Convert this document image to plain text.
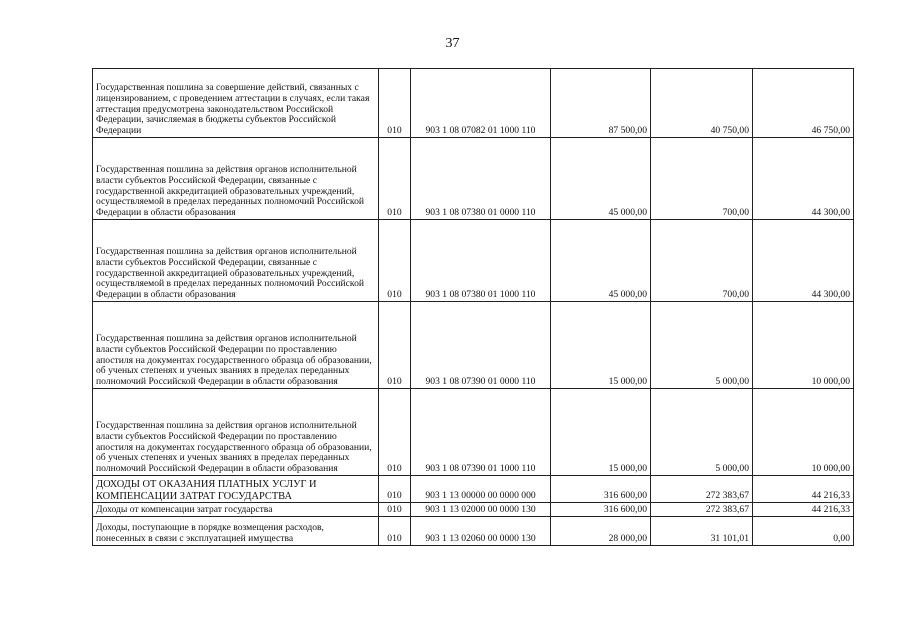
37
Государственная пошлина за совершение действий, связанных с лицензированием, с проведением аттестации в случаях, если такая аттестация предусмотрена законодательством Российской Федерации, зачисляемая в бюджеты субъектов Российской Федерации	010	903 1 08 07082 01 1000 110	87 500,00	40 750,00	46 750,00
Государственная пошлина за действия органов исполнительной власти субъектов Российской Федерации, связанные с государственной аккредитацией образовательных учреждений, осуществляемой в пределах переданных полномочий Российской Федерации в области образования	010	903 1 08 07380 01 0000 110	45 000,00	700,00	44 300,00
Государственная пошлина за действия органов исполнительной власти субъектов Российской Федерации, связанные с государственной аккредитацией образовательных учреждений, осуществляемой в пределах переданных полномочий Российской Федерации в области образования	010	903 1 08 07380 01 1000 110	45 000,00	700,00	44 300,00
Государственная пошлина за действия органов исполнительной власти субъектов Российской Федерации по проставлению апостиля на документах государственного образца об образовании, об ученых степенях и ученых званиях в пределах переданных полномочий Российской Федерации в области образования	010	903 1 08 07390 01 0000 110	15 000,00	5 000,00	10 000,00
Государственная пошлина за действия органов исполнительной власти субъектов Российской Федерации по проставлению апостиля на документах государственного образца об образовании, об ученых степенях и ученых званиях в пределах переданных полномочий Российской Федерации в области образования	010	903 1 08 07390 01 1000 110	15 000,00	5 000,00	10 000,00
ДОХОДЫ ОТ ОКАЗАНИЯ ПЛАТНЫХ УСЛУГ И КОМПЕНСАЦИИ ЗАТРАТ ГОСУДАРСТВА	010	903 1 13 00000 00 0000 000	316 600,00	272 383,67	44 216,33
Доходы от компенсации затрат государства	010	903 1 13 02000 00 0000 130	316 600,00	272 383,67	44 216,33
Доходы, поступающие в порядке возмещения расходов, понесенных в связи с эксплуатацией имущества	010	903 1 13 02060 00 0000 130	28 000,00	31 101,01	0,00
